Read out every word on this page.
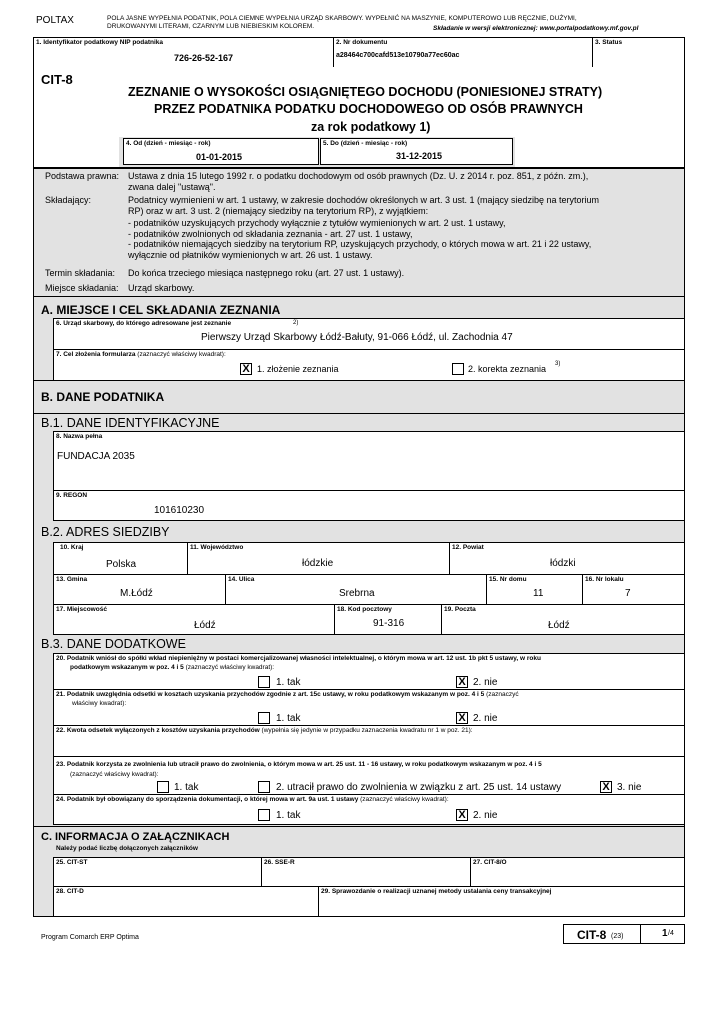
POLTAX	POLA JASNE WYPEŁNIA PODATNIK, POLA CIEMNE WYPEŁNIA URZĄD SKARBOWY. WYPEŁNIĆ NA MASZYNIE, KOMPUTEROWO LUB RĘCZNIE, DUŻYMI,
DRUKOWANYMI LITERAMI, CZARNYM LUB NIEBIESKIM KOLOREM.	Składanie w wersji elektronicznej: www.portalpodatkowy.mf.gov.pl
1. Identyfikator podatkowy NIP podatnika
726-26-52-167
2. Nr dokumentu
a28464c700cafd513e10790a77ec60ac
3. Status
CIT-8
ZEZNANIE O WYSOKOŚCI OSIĄGNIĘTEGO DOCHODU (PONIESIONEJ STRATY)
PRZEZ PODATNIKA PODATKU DOCHODOWEGO OD OSÓB PRAWNYCH
za rok podatkowy 1)
4. Od (dzień - miesiąc - rok)
01-01-2015
5. Do (dzień - miesiąc - rok)
31-12-2015
Podstawa prawna: Ustawa z dnia 15 lutego 1992 r. o podatku dochodowym od osób prawnych (Dz. U. z 2014 r. poz. 851, z późn. zm.),
zwana dalej "ustawą".
Składający:	Podatnicy wymienieni w art. 1 ustawy, w zakresie dochodów określonych w art. 3 ust. 1 (mający siedzibę na terytorium
RP) oraz w art. 3 ust. 2 (niemający siedziby na terytorium RP), z wyjątkiem:
- podatników uzyskujących przychody wyłącznie z tytułów wymienionych w art. 2 ust. 1 ustawy,
- podatników zwolnionych od składania zeznania - art. 27 ust. 1 ustawy,
- podatników niemających siedziby na terytorium RP, uzyskujących przychody, o których mowa w art. 21 i 22 ustawy,
wyłącznie od płatników wymienionych w art. 26 ust. 1 ustawy.
Termin składania: Do końca trzeciego miesiąca następnego roku (art. 27 ust. 1 ustawy).
Miejsce składania: Urząd skarbowy.
A. MIEJSCE I CEL SKŁADANIA ZEZNANIA
6. Urząd skarbowy, do którego adresowane jest zeznanie	2)
Pierwszy Urząd Skarbowy Łódź-Bałuty, 91-066 Łódź, ul. Zachodnia 47
7. Cel złożenia formularza (zaznaczyć właściwy kwadrat):
X 1. złożenie zeznania	2. korekta zeznania 3)
B. DANE PODATNIKA
B.1. DANE IDENTYFIKACYJNE
8. Nazwa pełna
FUNDACJA 2035
9. REGON
101610230
B.2. ADRES SIEDZIBY
10. Kraj
Polska
11. Województwo
łódzkie
12. Powiat
łódzki
13. Gmina
M.Łódź
14. Ulica
Srebrna
15. Nr domu
11
16. Nr lokalu
7
17. Miejscowość
Łódź
18. Kod pocztowy
91-316
19. Poczta
Łódź
B.3. DANE DODATKOWE
20. Podatnik wniósł do spółki wkład niepieniężny w postaci komercjalizowanej własności intelektualnej, o którym mowa w art. 12 ust. 1b pkt 5 ustawy, w roku
podatkowym wskazanym w poz. 4 i 5 (zaznaczyć właściwy kwadrat):
1. tak	X 2. nie
21. Podatnik uwzględnia odsetki w kosztach uzyskania przychodów zgodnie z art. 15c ustawy, w roku podatkowym wskazanym w poz. 4 i 5 (zaznaczyć
właściwy kwadrat):
1. tak	X 2. nie
22. Kwota odsetek wyłączonych z kosztów uzyskania przychodów (wypełnia się jedynie w przypadku zaznaczenia kwadratu nr 1 w poz. 21):
23. Podatnik korzysta ze zwolnienia lub utracił prawo do zwolnienia, o którym mowa w art. 25 ust. 11 - 16 ustawy, w roku podatkowym wskazanym w poz. 4 i 5
(zaznaczyć właściwy kwadrat):
1. tak	2. utracił prawo do zwolnienia w związku z art. 25 ust. 14 ustawy	X 3. nie
24. Podatnik był obowiązany do sporządzenia dokumentacji, o której mowa w art. 9a ust. 1 ustawy (zaznaczyć właściwy kwadrat):
1. tak	X 2. nie
C. INFORMACJA O ZAŁĄCZNIKACH
Należy podać liczbę dołączonych załączników
25. CIT-ST	26. SSE-R	27. CIT-8/O
28. CIT-D	29. Sprawozdanie o realizacji uznanej metody ustalania ceny transakcyjnej
Program Comarch ERP Optima	CIT-8 (23)	1 /4
